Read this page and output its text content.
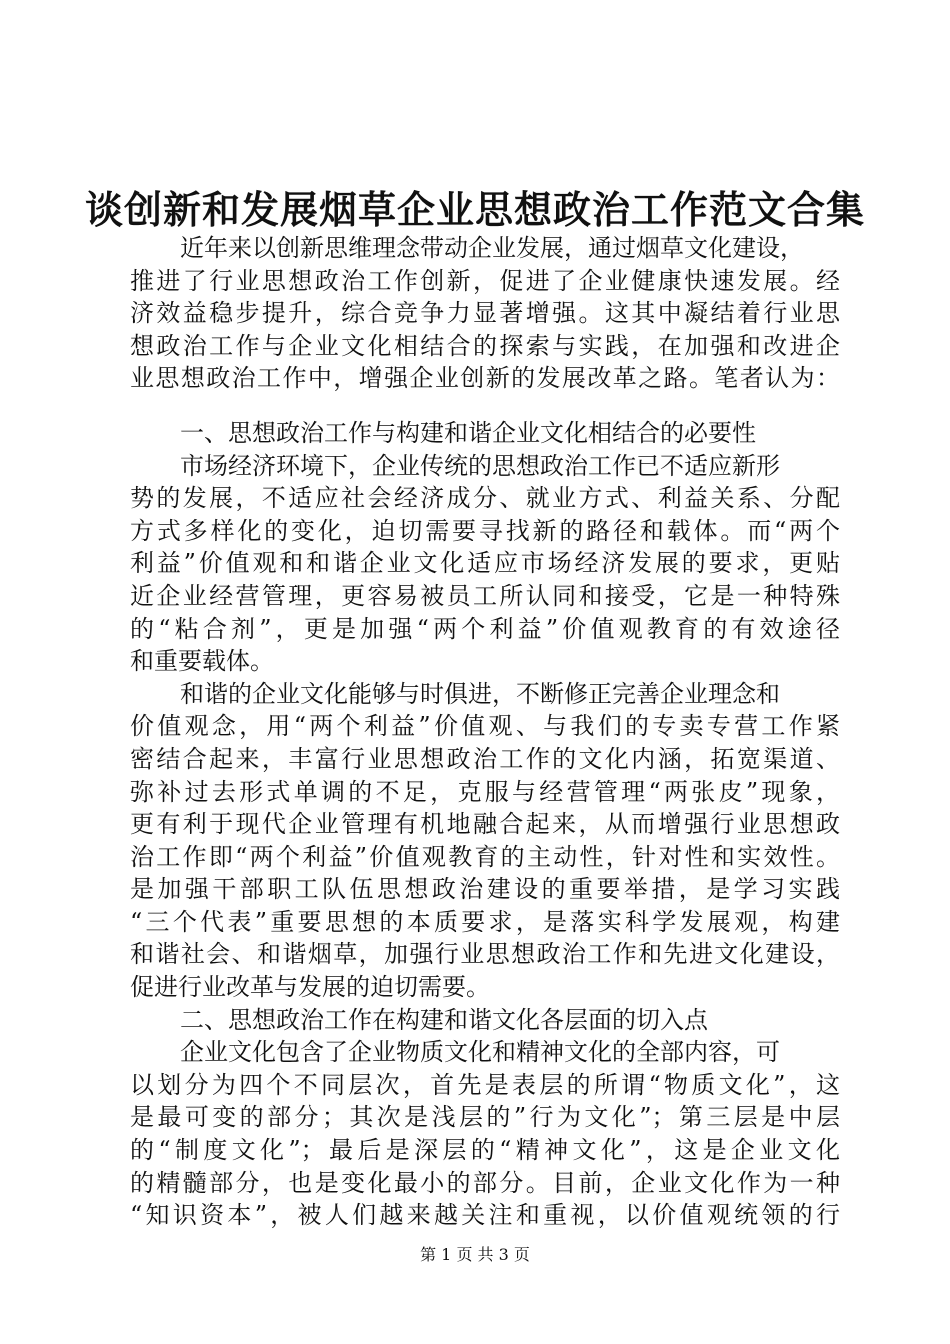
谈创新和发展烟草企业思想政治工作范文合集
近年来以创新思维理念带动企业发展，通过烟草文化建设，
推进了行业思想政治工作创新，促进了企业健康快速发展。经
济效益稳步提升，综合竞争力显著增强。这其中凝结着行业思
想政治工作与企业文化相结合的探索与实践，在加强和改进企
业思想政治工作中，增强企业创新的发展改革之路。笔者认为：
一、思想政治工作与构建和谐企业文化相结合的必要性
市场经济环境下，企业传统的思想政治工作已不适应新形
势的发展，不适应社会经济成分、就业方式、利益关系、分配
方式多样化的变化，迫切需要寻找新的路径和载体。而“两个
利益”价值观和和谐企业文化适应市场经济发展的要求，更贴
近企业经营管理，更容易被员工所认同和接受，它是一种特殊
的“粘合剂”，更是加强“两个利益”价值观教育的有效途径
和重要载体。
和谐的企业文化能够与时俱进，不断修正完善企业理念和
价值观念，用“两个利益”价值观、与我们的专卖专营工作紧
密结合起来，丰富行业思想政治工作的文化内涵，拓宽渠道、
弥补过去形式单调的不足，克服与经营管理“两张皮”现象，
更有利于现代企业管理有机地融合起来，从而增强行业思想政
治工作即“两个利益”价值观教育的主动性，针对性和实效性。
是加强干部职工队伍思想政治建设的重要举措，是学习实践
“三个代表”重要思想的本质要求，是落实科学发展观，构建
和谐社会、和谐烟草，加强行业思想政治工作和先进文化建设，
促进行业改革与发展的迫切需要。
二、思想政治工作在构建和谐文化各层面的切入点
企业文化包含了企业物质文化和精神文化的全部内容，可
以划分为四个不同层次，首先是表层的所谓“物质文化”，这
是最可变的部分；其次是浅层的”行为文化”；第三层是中层
的“制度文化”；最后是深层的“精神文化”，这是企业文化
的精髓部分，也是变化最小的部分。目前，企业文化作为一种
“知识资本”，被人们越来越关注和重视，以价值观统领的行
第 1 页 共 3 页
